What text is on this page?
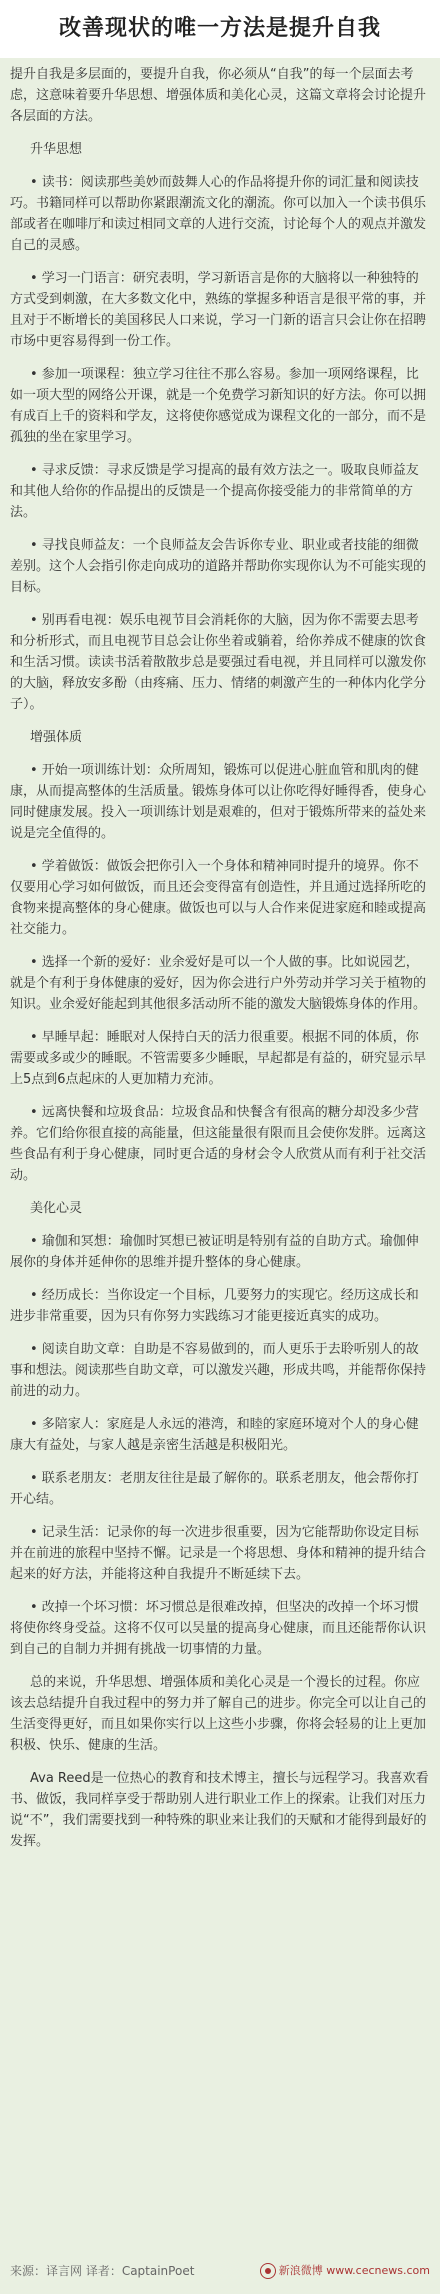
改善现状的唯一方法是提升自我

提升自我是多层面的，要提升自我，你必须从“自我”的每一个层面去考虑，这意味着要升华思想、增强体质和美化心灵，这篇文章将会讨论提升各层面的方法。

升华思想

• 读书：阅读那些美妙而鼓舞人心的作品将提升你的词汇量和阅读技巧。书籍同样可以帮助你紧跟潮流文化的潮流。你可以加入一个读书俱乐部或者在咖啡厅和读过相同文章的人进行交流，讨论每个人的观点并激发自己的灵感。

• 学习一门语言：研究表明，学习新语言是你的大脑将以一种独特的方式受到刺激，在大多数文化中，熟练的掌握多种语言是很平常的事，并且对于不断增长的美国移民人口来说，学习一门新的语言只会让你在招聘市场中更容易得到一份工作。

• 参加一项课程：独立学习往往不那么容易。参加一项网络课程，比如一项大型的网络公开课，就是一个免费学习新知识的好方法。你可以拥有成百上千的资料和学友，这将使你感觉成为课程文化的一部分，而不是孤独的坐在家里学习。

• 寻求反馈：寻求反馈是学习提高的最有效方法之一。吸取良师益友和其他人给你的作品提出的反馈是一个提高你接受能力的非常简单的方法。

• 寻找良师益友：一个良师益友会告诉你专业、职业或者技能的细微差别。这个人会指引你走向成功的道路并帮助你实现你认为不可能实现的目标。

• 别再看电视：娱乐电视节目会消耗你的大脑，因为你不需要去思考和分析形式，而且电视节目总会让你坐着或躺着，给你养成不健康的饮食和生活习惯。读读书活着散散步总是要强过看电视，并且同样可以激发你的大脑，释放安多酚（由疼痛、压力、情绪的刺激产生的一种体内化学分子）。

增强体质

• 开始一项训练计划：众所周知，锻炼可以促进心脏血管和肌肉的健康，从而提高整体的生活质量。锻炼身体可以让你吃得好睡得香，使身心同时健康发展。投入一项训练计划是艰难的，但对于锻炼所带来的益处来说是完全值得的。

• 学着做饭：做饭会把你引入一个身体和精神同时提升的境界。你不仅要用心学习如何做饭，而且还会变得富有创造性，并且通过选择所吃的食物来提高整体的身心健康。做饭也可以与人合作来促进家庭和睦或提高社交能力。

• 选择一个新的爱好：业余爱好是可以一个人做的事。比如说园艺，就是个有利于身体健康的爱好，因为你会进行户外劳动并学习关于植物的知识。业余爱好能起到其他很多活动所不能的激发大脑锻炼身体的作用。

• 早睡早起：睡眠对人保持白天的活力很重要。根据不同的体质，你需要或多或少的睡眠。不管需要多少睡眠，早起都是有益的，研究显示早上5点到6点起床的人更加精力充沛。

• 远离快餐和垃圾食品：垃圾食品和快餐含有很高的糖分却没多少营养。它们给你很直接的高能量，但这能量很有限而且会使你发胖。远离这些食品有利于身心健康，同时更合适的身材会令人欣赏从而有利于社交活动。

美化心灵

• 瑜伽和冥想：瑜伽时冥想已被证明是特别有益的自助方式。瑜伽伸展你的身体并延伸你的思维并提升整体的身心健康。

• 经历成长：当你设定一个目标，几要努力的实现它。经历这成长和进步非常重要，因为只有你努力实践练习才能更接近真实的成功。

• 阅读自助文章：自助是不容易做到的，而人更乐于去聆听别人的故事和想法。阅读那些自助文章，可以激发兴趣，形成共鸣，并能帮你保持前进的动力。

• 多陪家人：家庭是人永远的港湾，和睦的家庭环境对个人的身心健康大有益处，与家人越是亲密生活越是积极阳光。

• 联系老朋友：老朋友往往是最了解你的。联系老朋友，他会帮你打开心结。

• 记录生活：记录你的每一次进步很重要，因为它能帮助你设定目标并在前进的旅程中坚持不懈。记录是一个将思想、身体和精神的提升结合起来的好方法，并能将这种自我提升不断延续下去。

• 改掉一个坏习惯：坏习惯总是很难改掉，但坚决的改掉一个坏习惯将使你终身受益。这将不仅可以吴量的提高身心健康，而且还能帮你认识到自己的自制力并拥有挑战一切事情的力量。

总的来说，升华思想、增强体质和美化心灵是一个漫长的过程。你应该去总结提升自我过程中的努力并了解自己的进步。你完全可以让自己的生活变得更好，而且如果你实行以上这些小步骤，你将会轻易的让上更加积极、快乐、健康的生活。

Ava Reed是一位热心的教育和技术博主，擅长与远程学习。我喜欢看书、做饭，我同样享受于帮助别人进行职业工作上的探索。让我们对压力说“不”，我们需要找到一种特殊的职业来让我们的天赋和才能得到最好的发挥。

来源：译言网 译者：CaptainPoet	新浪微博 www.cecnews.com
